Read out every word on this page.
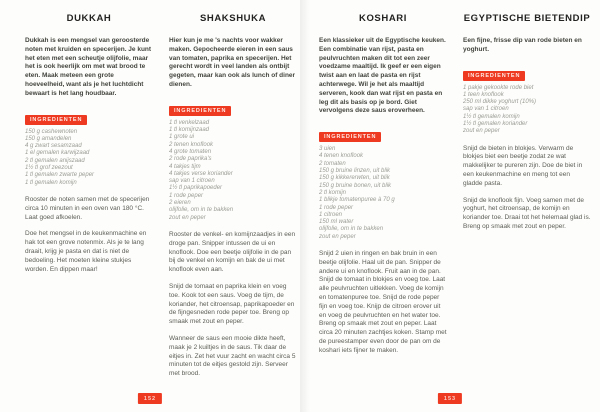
DUKKAH

Dukkah is een mengsel van geroosterde noten met kruiden en specerijen. Je kunt het eten met een scheutje olijfolie, maar het is ook heerlijk om met wat brood te eten. Maak meteen een grote hoeveelheid, want als je het luchtdicht bewaart is het lang houdbaar.

INGREDIENTEN
150 g cashewnoten
150 g amandelen
4 g zwart sesamzaad
1 el gemalen karwijzaad
2 tl gemalen anijszaad
1½ tl grof zeezout
1 tl gemalen zwarte peper
1 tl gemalen komijn
Rooster de noten samen met de specerijen circa 10 minuten in een oven van 180 °C. Laat goed afkoelen.
Doe het mengsel in de keukenmachine en hak tot een grove notenmix. Als je te lang draait, krijg je pasta en dat is niet de bedoeling. Het moeten kleine stukjes worden. En dippen maar!
SHAKSHUKA

Hier kun je me 's nachts voor wakker maken. Gepocheerde eieren in een saus van tomaten, paprika en specerijen. Het gerecht wordt in veel landen als ontbijt gegeten, maar kan ook als lunch of diner dienen.

INGREDIENTEN
1 tl venkelzaad
1 tl komijnzaad
1 grote ui
2 tenen knoflook
4 grote tomaten
2 rode paprika's
4 takjes tijm
4 takjes verse koriander
sap van 1 citroen
1½ tl paprikapoeder
1 rode peper
2 eieren
olijfolie, om in te bakken
zout en peper
Rooster de venkel- en komijnzaadjes in een droge pan. Snipper intussen de ui en knoflook. Doe een beetje olijfolie in de pan bij de venkel en komijn en bak de ui met knoflook even aan.
Snijd de tomaat en paprika klein en voeg toe. Kook tot een saus. Voeg de tijm, de koriander, het citroensap, paprikapoeder en de fijngesneden rode peper toe. Breng op smaak met zout en peper.
Wanneer de saus een mooie dikte heeft, maak je 2 kuiltjes in de saus. Tik daar de eitjes in. Zet het vuur zacht en wacht circa 5 minuten tot de eitjes gestold zijn. Serveer met brood.
152
KOSHARI

Een klassieker uit de Egyptische keuken. Een combinatie van rijst, pasta en peulvruchten maken dit tot een zeer voedzame maaltijd. Ik geef er een eigen twist aan en laat de pasta en rijst achterwege. Wil je het als maaltijd serveren, kook dan wat rijst en pasta en leg dit als basis op je bord. Giet vervolgens deze saus eroverheen.

INGREDIENTEN
3 uien
4 tenen knoflook
2 tomaten
150 g bruine linzen, uit blik
150 g kikkererwten, uit blik
150 g bruine bonen, uit blik
2 tl komijn
1 blikje tomatenpuree à 70 g
1 rode peper
1 citroen
150 ml water
olijfolie, om in te bakken
zout en peper
Snijd 2 uien in ringen en bak bruin in een beetje olijfolie. Haal uit de pan. Snipper de andere ui en knoflook. Fruit aan in de pan. Snijd de tomaat in blokjes en voeg toe. Laat alle peulvruchten uitlekken. Voeg de komijn en tomatenpuree toe. Snijd de rode peper fijn en voeg toe. Knijp de citroen erover uit en voeg de peulvruchten en het water toe. Breng op smaak met zout en peper. Laat circa 20 minuten zachtjes koken. Stamp met de pureestamper even door de pan om de koshari iets fijner te maken.
EGYPTISCHE BIETENDIP

Een fijne, frisse dip van rode bieten en yoghurt.

INGREDIENTEN
1 pakje gekookte rode biet
1 teen knoflook
250 ml dikke yoghurt (10%)
sap van 1 citroen
1½ tl gemalen komijn
1½ tl gemalen koriander
zout en peper
Snijd de bieten in blokjes. Verwarm de blokjes biet een beetje zodat ze wat makkelijker te pureren zijn. Doe de biet in een keukenmachine en meng tot een gladde pasta.
Snijd de knoflook fijn. Voeg samen met de yoghurt, het citroensap, de komijn en koriander toe. Draai tot het helemaal glad is. Breng op smaak met zout en peper.
153
